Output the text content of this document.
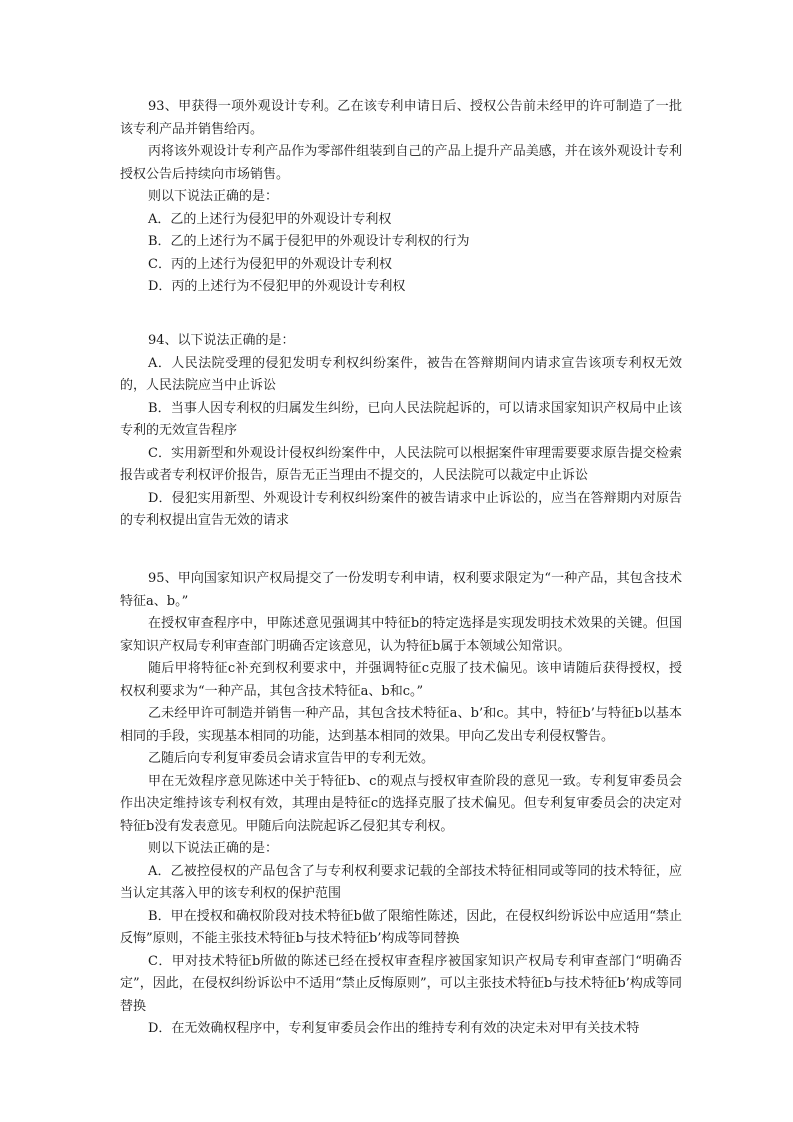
93、甲获得一项外观设计专利。乙在该专利申请日后、授权公告前未经甲的许可制造了一批该专利产品并销售给丙。

丙将该外观设计专利产品作为零部件组装到自己的产品上提升产品美感，并在该外观设计专利授权公告后持续向市场销售。

则以下说法正确的是：

A．乙的上述行为侵犯甲的外观设计专利权

B．乙的上述行为不属于侵犯甲的外观设计专利权的行为

C．丙的上述行为侵犯甲的外观设计专利权

D．丙的上述行为不侵犯甲的外观设计专利权

94、以下说法正确的是：

A．人民法院受理的侵犯发明专利权纠纷案件，被告在答辩期间内请求宣告该项专利权无效的，人民法院应当中止诉讼

B．当事人因专利权的归属发生纠纷，已向人民法院起诉的，可以请求国家知识产权局中止该专利的无效宣告程序

C．实用新型和外观设计侵权纠纷案件中，人民法院可以根据案件审理需要要求原告提交检索报告或者专利权评价报告，原告无正当理由不提交的，人民法院可以裁定中止诉讼

D．侵犯实用新型、外观设计专利权纠纷案件的被告请求中止诉讼的，应当在答辩期内对原告的专利权提出宣告无效的请求

95、甲向国家知识产权局提交了一份发明专利申请，权利要求限定为“一种产品，其包含技术特征a、b。”

在授权审查程序中，甲陈述意见强调其中特征b的特定选择是实现发明技术效果的关键。但国家知识产权局专利审查部门明确否定该意见，认为特征b属于本领域公知常识。

随后甲将特征c补充到权利要求中，并强调特征c克服了技术偏见。该申请随后获得授权，授权权利要求为“一种产品，其包含技术特征a、b和c。”

乙未经甲许可制造并销售一种产品，其包含技术特征a、b’和c。其中，特征b’与特征b以基本相同的手段，实现基本相同的功能，达到基本相同的效果。甲向乙发出专利侵权警告。

乙随后向专利复审委员会请求宣告甲的专利无效。

甲在无效程序意见陈述中关于特征b、c的观点与授权审查阶段的意见一致。专利复审委员会作出决定维持该专利权有效，其理由是特征c的选择克服了技术偏见。但专利复审委员会的决定对特征b没有发表意见。甲随后向法院起诉乙侵犯其专利权。

则以下说法正确的是：

A．乙被控侵权的产品包含了与专利权利要求记载的全部技术特征相同或等同的技术特征，应当认定其落入甲的该专利权的保护范围

B．甲在授权和确权阶段对技术特征b做了限缩性陈述，因此，在侵权纠纷诉讼中应适用“禁止反悔”原则，不能主张技术特征b与技术特征b’构成等同替换

C．甲对技术特征b所做的陈述已经在授权审查程序被国家知识产权局专利审查部门“明确否定”，因此，在侵权纠纷诉讼中不适用“禁止反悔原则”，可以主张技术特征b与技术特征b’构成等同替换

D．在无效确权程序中，专利复审委员会作出的维持专利有效的决定未对甲有关技术特
